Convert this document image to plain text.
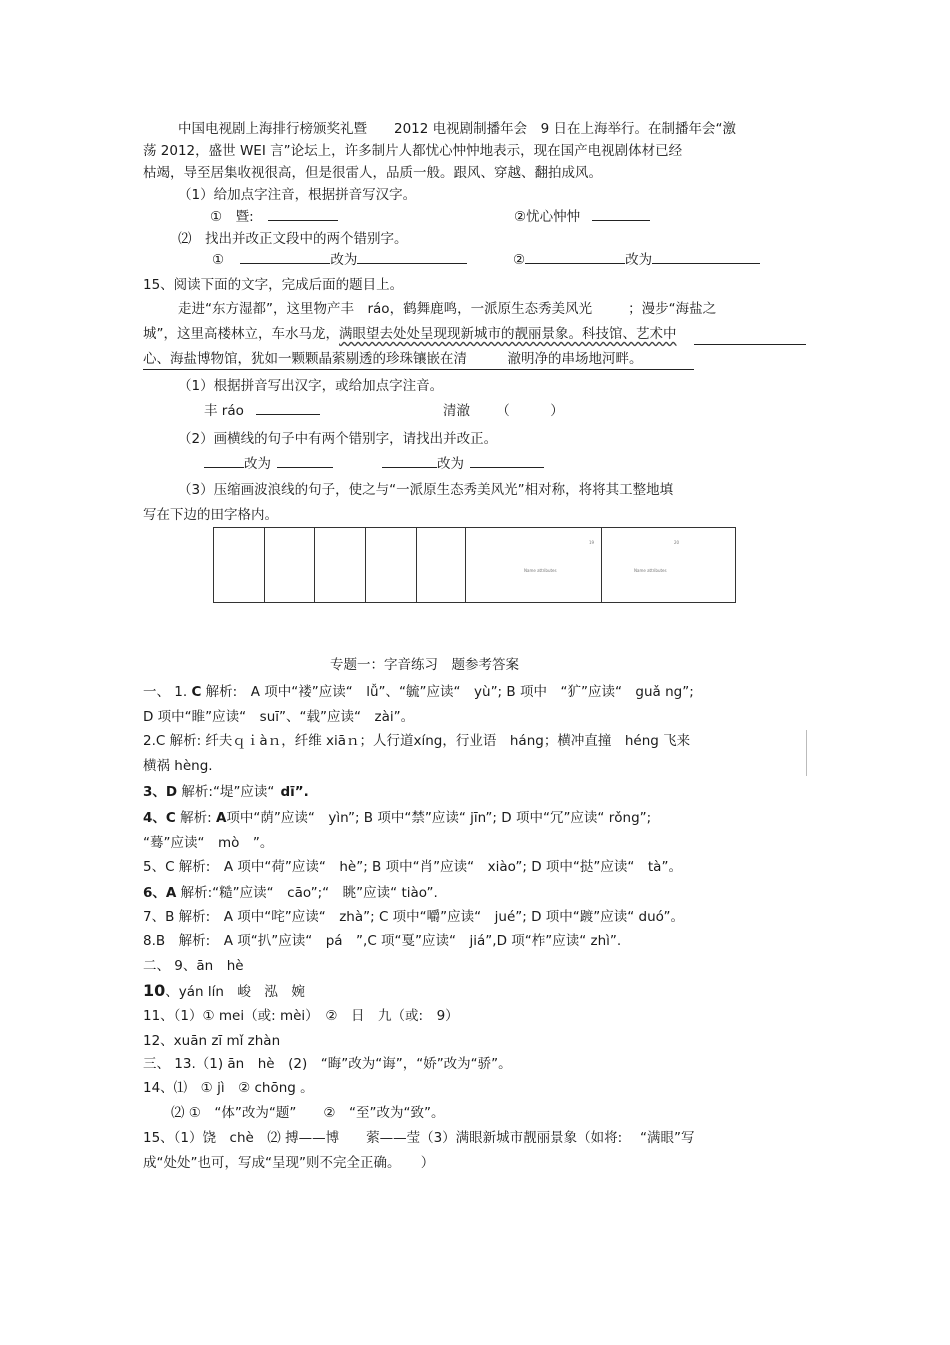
中国电视剧上海排行榜颁奖礼暨　　2012 电视剧制播年会　9 日在上海举行。在制播年会“激
荡 2012，盛世 WEI 言”论坛上，许多制片人都忧心忡忡地表示，现在国产电视剧体材已经
枯竭，导至居集收视很高，但是很雷人，品质一般。跟风、穿越、翻拍成风。
（1）给加点字注音，根据拼音写汉字。
①　暨:	②忧心忡忡
⑵　找出并改正文段中的两个错别字。
①	改为	②	改为
15、阅读下面的文字，完成后面的题目上。
走进“东方湿都”，这里物产丰　ráo，鹤舞鹿鸣，一派原生态秀美风光	；漫步“海盐之
城”，这里高楼林立，车水马龙，满眼望去处处呈现现新城市的靓丽景象。科技馆、艺术中
心、海盐博物馆，犹如一颗颗晶萦剔透的珍珠镶嵌在清　　　澈明净的串场地河畔。
（1）根据拼音写出汉字，或给加点字注音。
丰 ráo	清澈 （　　　）
（2）画横线的句子中有两个错别字，请找出并改正。
改为	改为
（3）压缩画波浪线的句子，使之与“一派原生态秀美风光”相对称，将将其工整地填
写在下边的田字格内。
19
Name attributes
20
Name attributes
专题一：字音练习　题参考答案
一、 1. C 解析:　A 项中“褛”应读“　lǚ”、“毓”应读“　yù”; B 项中　“犷”应读“　guǎ ng”;
D 项中“睢”应读“　suī”、“载”应读“　zài”。
2.C 解析: 纤夫ｑｉàｎ，纤维 xiāｎ；人行道xíng，行业语　háng；横冲直撞　héng 飞来
横祸 hèng.
3、D 解析:“堤”应读“ dī”.
4、C 解析: A项中“荫”应读“　yìn”; B 项中“禁”应读“ jīn”; D 项中“冗”应读“ rǒng”;
“蓦”应读“　mò　”。
5、C 解析:　A 项中“荷”应读“　hè”; B 项中“肖”应读“　xiào”; D 项中“挞”应读“　tà”。
6、A 解析:“糙”应读“　cāo”;“　眺”应读“ tiào”.
7、B 解析:　A 项中“咤”应读“　zhà”; C 项中“嚼”应读“　jué”; D 项中“踱”应读“ duó”。
8.B　解析:　A 项“扒”应读“　pá　”,C 项“戛”应读“　jiá”,D 项“柞”应读“ zhì”.
二、 9、ān　hè
10、yán lín　峻　泓　婉
11、（1）① mei（或: mèi）　②　日　九（或:　9）
12、xuān zī mǐ zhàn
三、 13.（1) ān　hè　(2)　“晦”改为“诲”，“娇”改为“骄”。
14、⑴　① jì　② chōng 。
⑵ ①　“体”改为“题”　　②　“至”改为“致”。
15、（1）饶　chè　⑵ 搏——博　　萦——莹（3）满眼新城市靓丽景象（如将:　 “满眼”写
成“处处”也可，写成“呈现”则不完全正确。　　）
